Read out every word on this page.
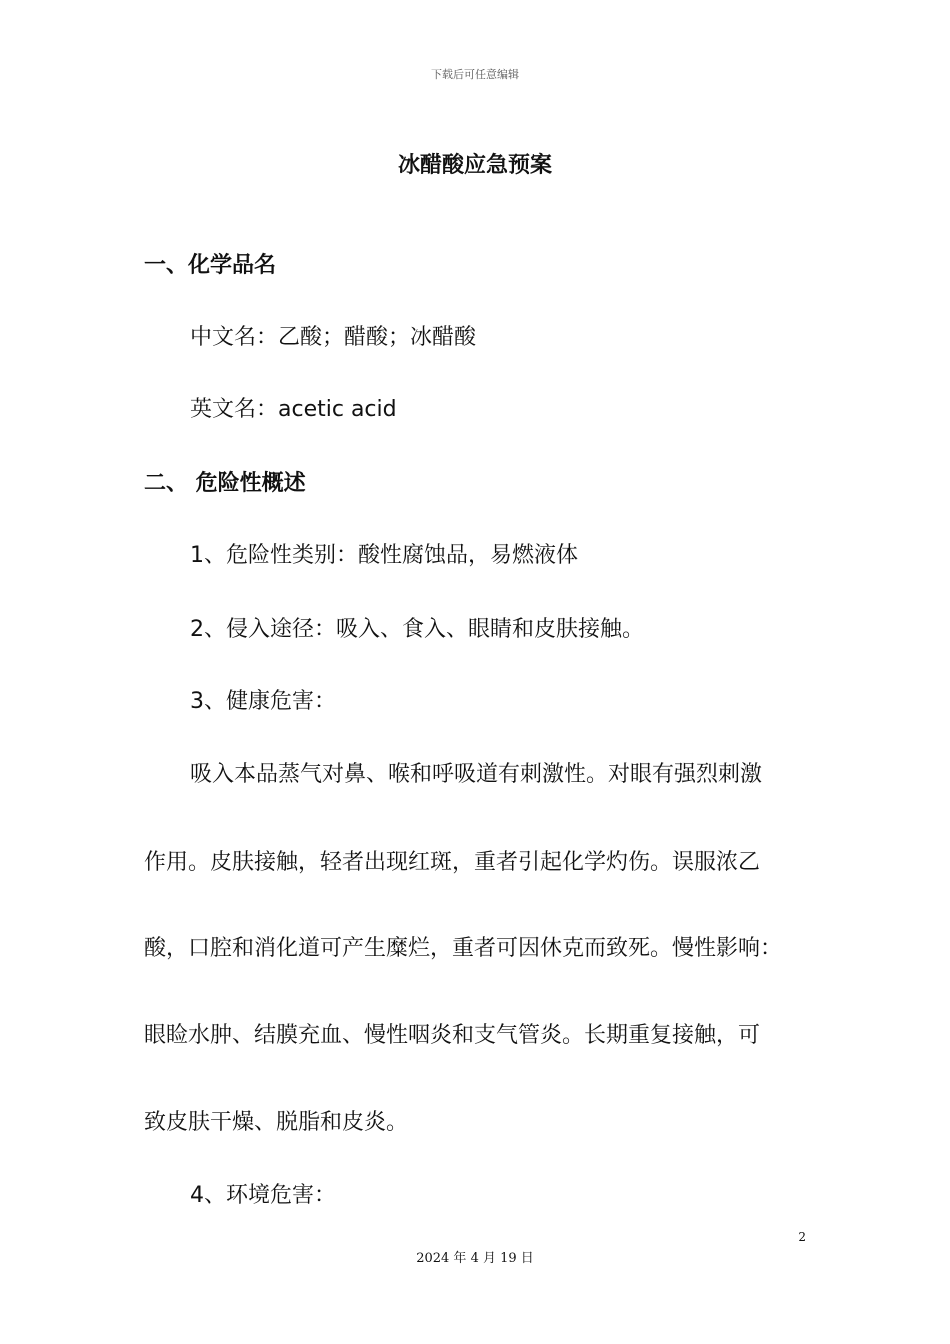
下载后可任意编辑
冰醋酸应急预案
一、化学品名
中文名：乙酸；醋酸；冰醋酸
英文名：acetic acid
二、 危险性概述
1、危险性类别：酸性腐蚀品，易燃液体
2、侵入途径：吸入、食入、眼睛和皮肤接触。
3、健康危害：
吸入本品蒸气对鼻、喉和呼吸道有刺激性。对眼有强烈刺激
作用。皮肤接触，轻者出现红斑，重者引起化学灼伤。误服浓乙
酸，口腔和消化道可产生糜烂，重者可因休克而致死。慢性影响：
眼睑水肿、结膜充血、慢性咽炎和支气管炎。长期重复接触，可
致皮肤干燥、脱脂和皮炎。
4、环境危害：
2
2024 年 4 月 19 日
